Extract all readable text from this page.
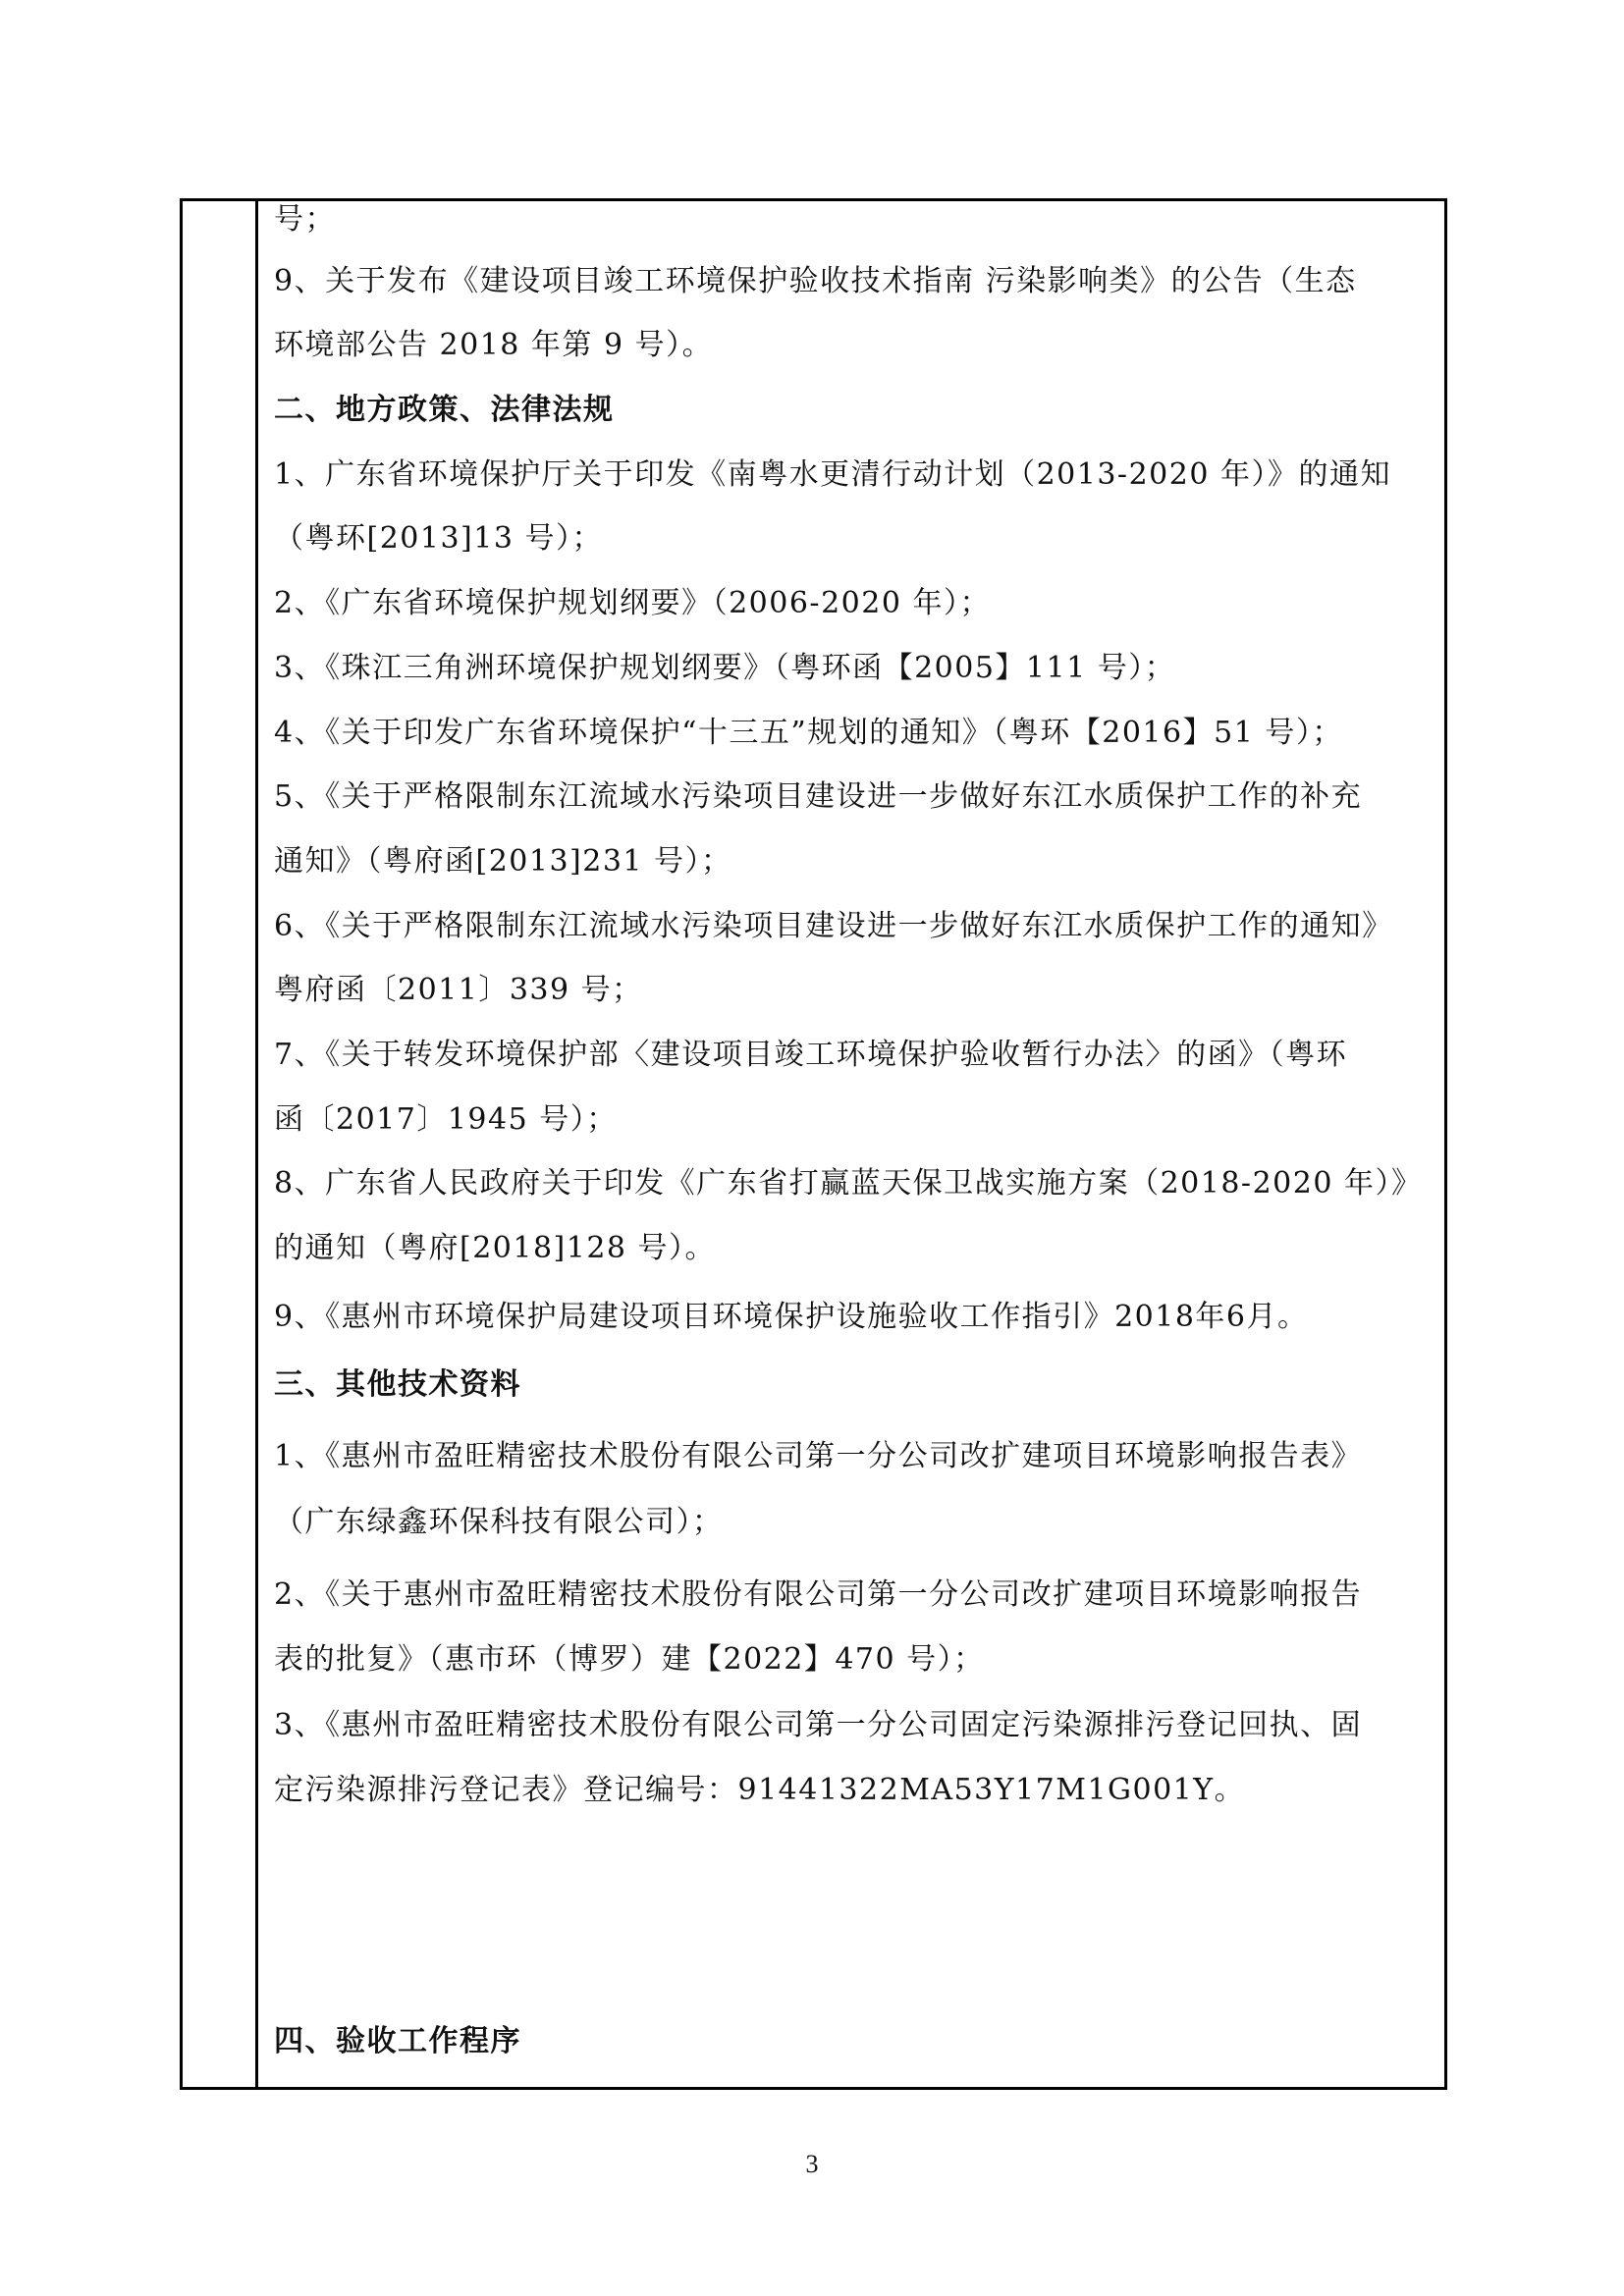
号；
9、关于发布《建设项目竣工环境保护验收技术指南 污染影响类》的公告（生态
环境部公告 2018 年第 9 号）。
二、地方政策、法律法规
1、广东省环境保护厅关于印发《南粤水更清行动计划（2013-2020 年）》的通知
（粤环[2013]13 号）；
2、《广东省环境保护规划纲要》（2006-2020 年）；
3、《珠江三角洲环境保护规划纲要》（粤环函【2005】111 号）；
4、《关于印发广东省环境保护“十三五”规划的通知》（粤环【2016】51 号）；
5、《关于严格限制东江流域水污染项目建设进一步做好东江水质保护工作的补充
通知》（粤府函[2013]231 号）；
6、《关于严格限制东江流域水污染项目建设进一步做好东江水质保护工作的通知》
粤府函〔2011〕339 号；
7、《关于转发环境保护部〈建设项目竣工环境保护验收暂行办法〉的函》（粤环
函〔2017〕1945 号）；
8、广东省人民政府关于印发《广东省打赢蓝天保卫战实施方案（2018-2020 年）》
的通知（粤府[2018]128 号）。
9、《惠州市环境保护局建设项目环境保护设施验收工作指引》2018年6月。
三、其他技术资料
1、《惠州市盈旺精密技术股份有限公司第一分公司改扩建项目环境影响报告表》
（广东绿鑫环保科技有限公司）；
2、《关于惠州市盈旺精密技术股份有限公司第一分公司改扩建项目环境影响报告
表的批复》（惠市环（博罗）建【2022】470 号）；
3、《惠州市盈旺精密技术股份有限公司第一分公司固定污染源排污登记回执、固
定污染源排污登记表》登记编号：91441322MA53Y17M1G001Y。
四、验收工作程序
3
